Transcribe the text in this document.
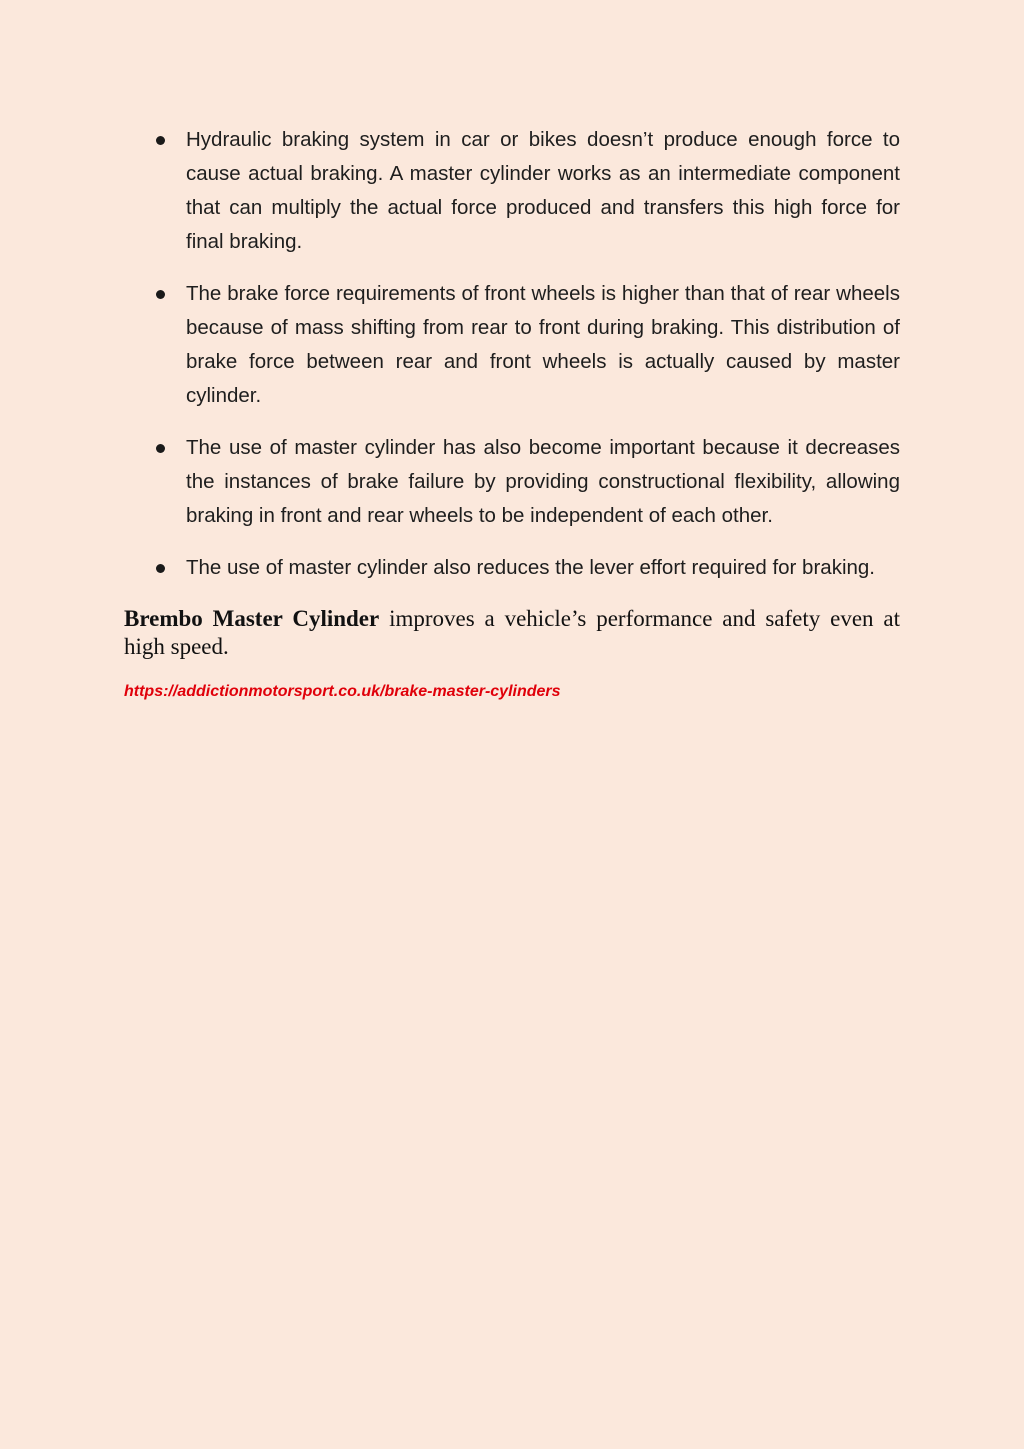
Hydraulic braking system in car or bikes doesn’t produce enough force to cause actual braking. A master cylinder works as an intermediate component that can multiply the actual force produced and transfers this high force for final braking.
The brake force requirements of front wheels is higher than that of rear wheels because of mass shifting from rear to front during braking. This distribution of brake force between rear and front wheels is actually caused by master cylinder.
The use of master cylinder has also become important because it decreases the instances of brake failure by providing constructional flexibility, allowing braking in front and rear wheels to be independent of each other.
The use of master cylinder also reduces the lever effort required for braking.

Brembo Master Cylinder improves a vehicle’s performance and safety even at high speed.

https://addictionmotorsport.co.uk/brake-master-cylinders
